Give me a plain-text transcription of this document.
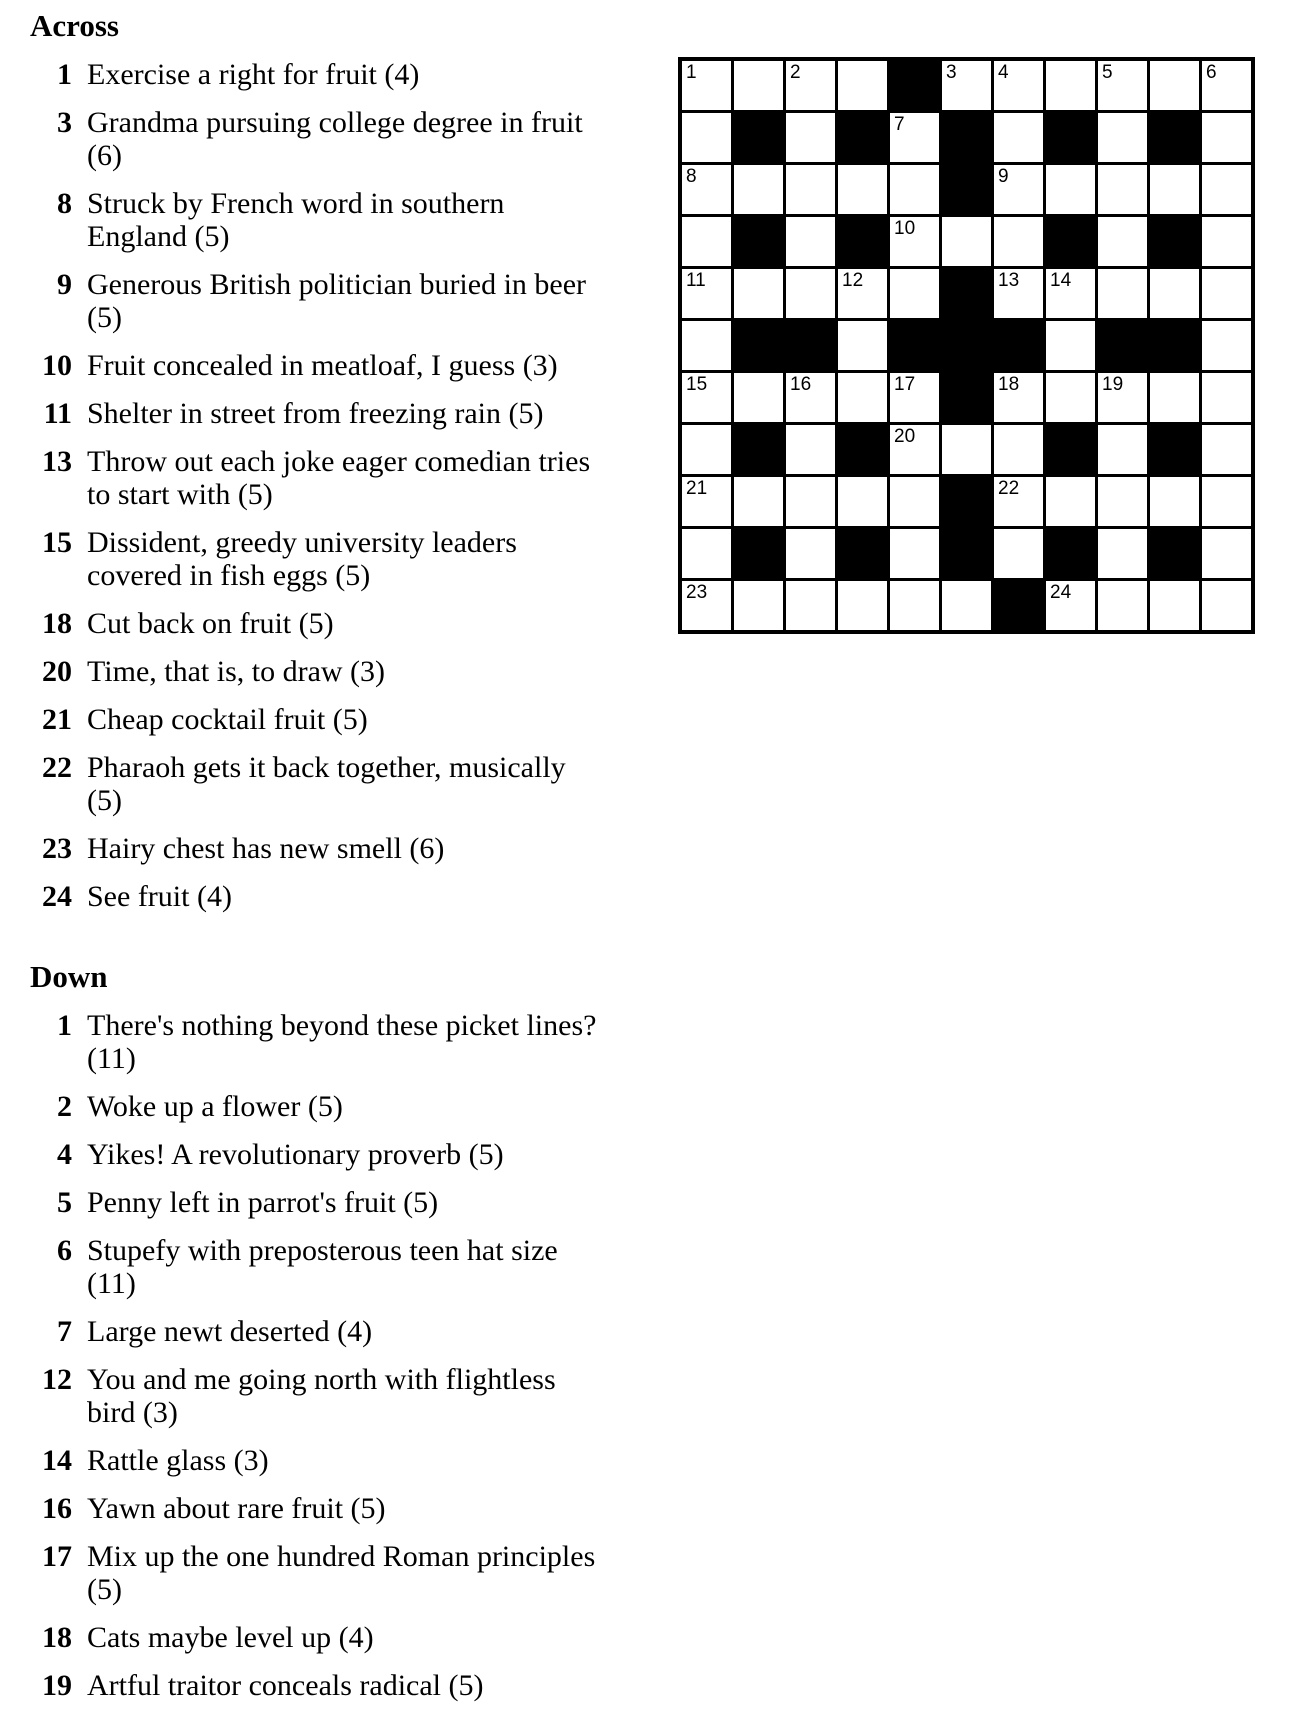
Across
1 Exercise a right for fruit (4)
3 Grandma pursuing college degree in fruit (6)
8 Struck by French word in southern England (5)
9 Generous British politician buried in beer (5)
10 Fruit concealed in meatloaf, I guess (3)
11 Shelter in street from freezing rain (5)
13 Throw out each joke eager comedian tries to start with (5)
15 Dissident, greedy university leaders covered in fish eggs (5)
18 Cut back on fruit (5)
20 Time, that is, to draw (3)
21 Cheap cocktail fruit (5)
22 Pharaoh gets it back together, musically (5)
23 Hairy chest has new smell (6)
24 See fruit (4)
Down
1 There's nothing beyond these picket lines? (11)
2 Woke up a flower (5)
4 Yikes! A revolutionary proverb (5)
5 Penny left in parrot's fruit (5)
6 Stupefy with preposterous teen hat size (11)
7 Large newt deserted (4)
12 You and me going north with flightless bird (3)
14 Rattle glass (3)
16 Yawn about rare fruit (5)
17 Mix up the one hundred Roman principles (5)
18 Cats maybe level up (4)
19 Artful traitor conceals radical (5)
1	2	3 4	5	6
7
8	9
10
11	12	13 14
15	16	17	18	19
20
21	22
23	24
